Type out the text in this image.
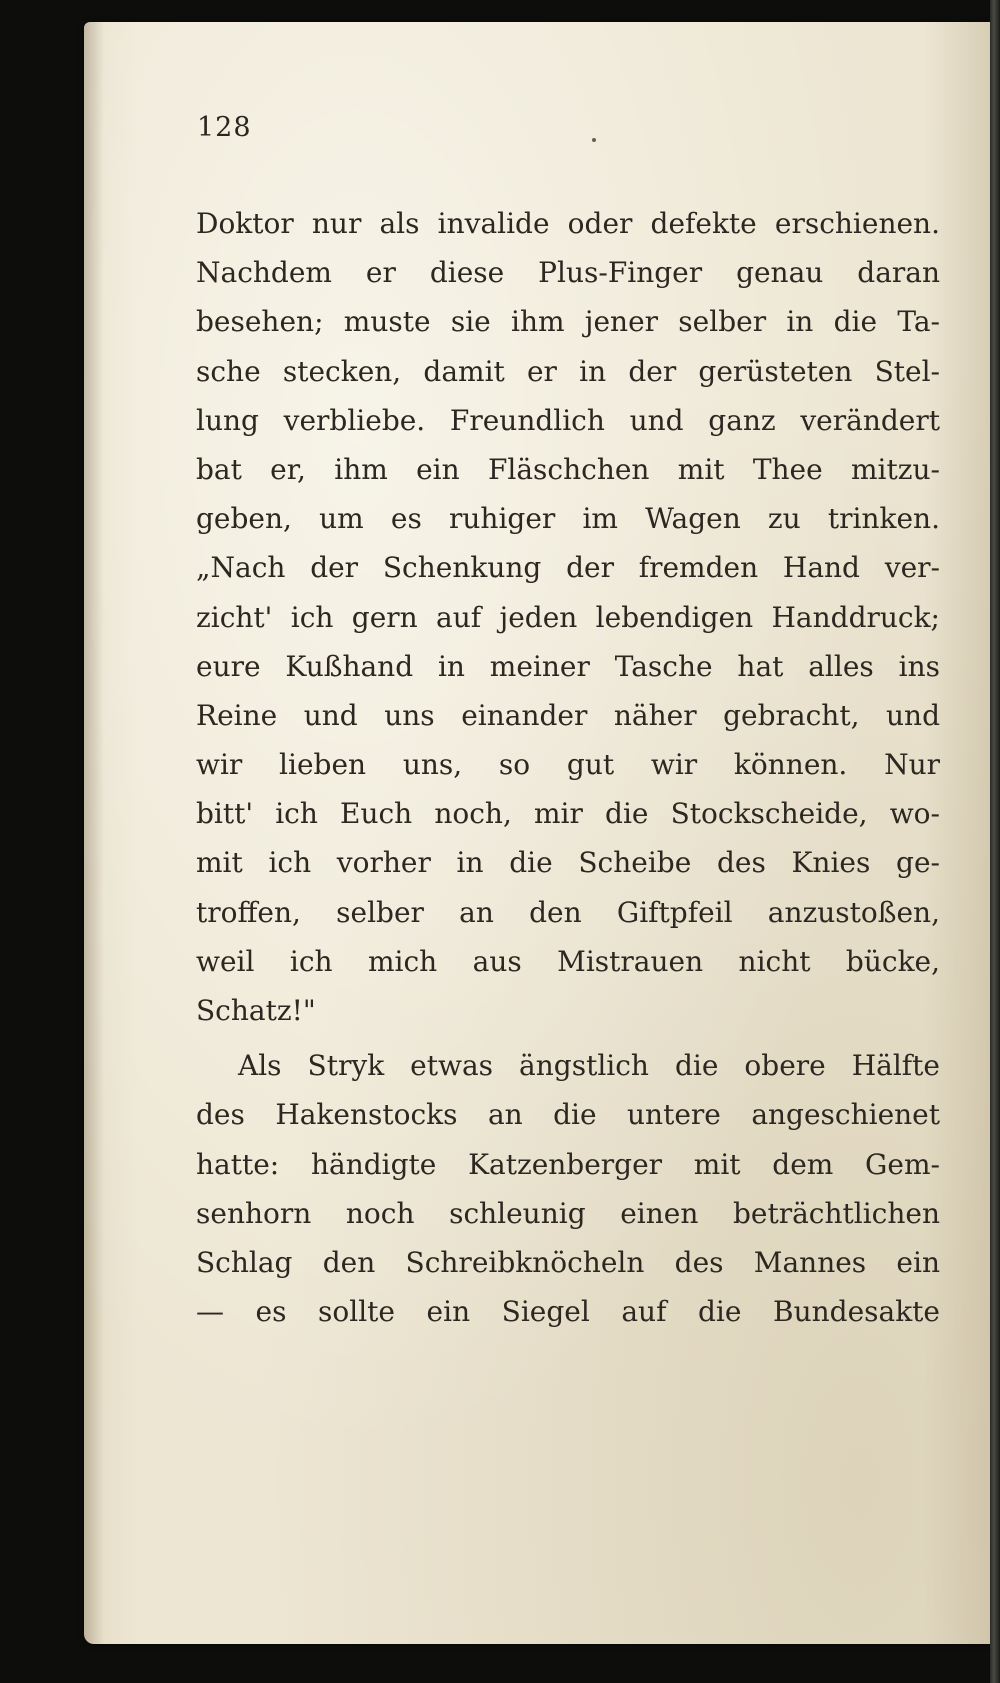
128

Doktor nur als invalide oder defekte erschienen.
Nachdem er diese Plus-Finger genau daran
besehen; muste sie ihm jener selber in die Ta-
sche stecken, damit er in der gerüsteten Stel-
lung verbliebe. Freundlich und ganz verändert
bat er, ihm ein Fläschchen mit Thee mitzu-
geben, um es ruhiger im Wagen zu trinken.
„Nach der Schenkung der fremden Hand ver-
zicht' ich gern auf jeden lebendigen Handdruck;
eure Kußhand in meiner Tasche hat alles ins
Reine und uns einander näher gebracht, und
wir lieben uns, so gut wir können. Nur
bitt' ich Euch noch, mir die Stockscheide, wo-
mit ich vorher in die Scheibe des Knies ge-
troffen, selber an den Giftpfeil anzustoßen,
weil ich mich aus Mistrauen nicht bücke,
Schatz!"
Als Stryk etwas ängstlich die obere Hälfte
des Hakenstocks an die untere angeschienet
hatte: händigte Katzenberger mit dem Gem-
senhorn noch schleunig einen beträchtlichen
Schlag den Schreibknöcheln des Mannes ein
— es sollte ein Siegel auf die Bundesakte
